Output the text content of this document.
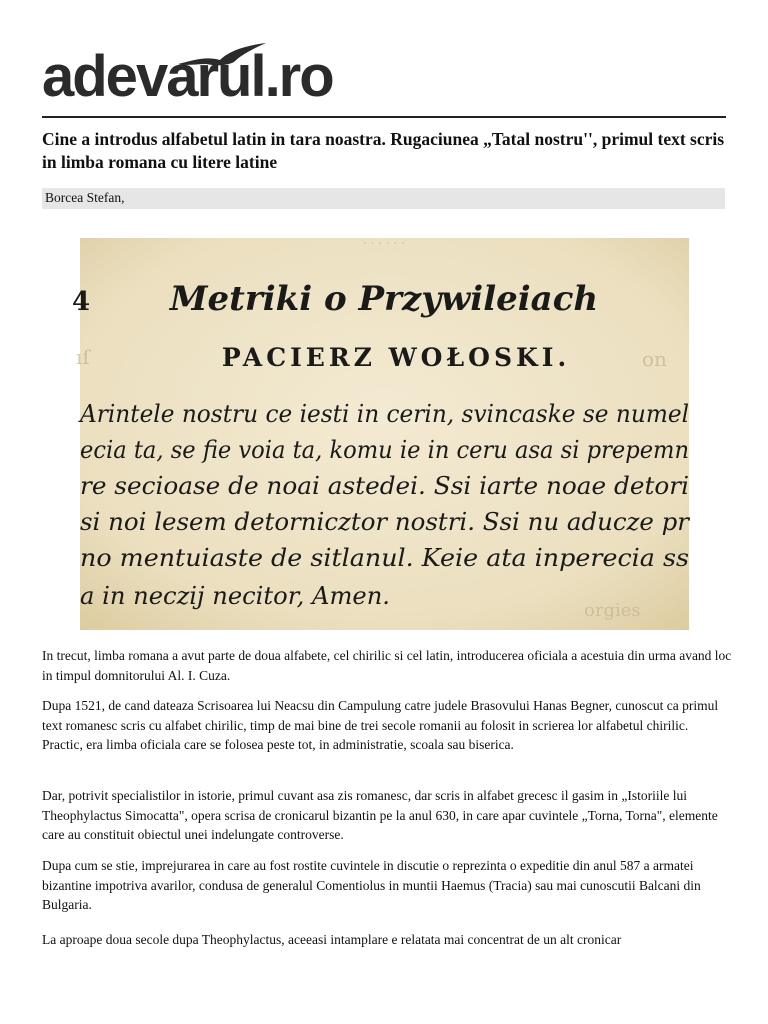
adevarul.ro
Cine a introdus alfabetul latin in tara noastra. Rugaciunea „Tatal nostru'', primul text scris in limba romana cu litere latine
Borcea Stefan,
. . . . . .
ıſ	on
orgies
4 Metriki o Przywileiach
PACIERZ WOŁOSKI.
Arintele nostru ce iesti in cerin, svincaske se numel
ecia ta, se fie voia ta, komu ie in ceru asa si prepemn
re secioase de noai astedei. Ssi iarte noae detori
si noi lesem detornicztor nostri. Ssi nu aducze pr
no mentuiaste de sitlanul. Keie ata inperecia ss
a in neczij necitor, Amen.

In trecut, limba romana a avut parte de doua alfabete, cel chirilic si cel latin, introducerea oficiala a acestuia din urma avand loc in timpul domnitorului Al. I. Cuza.

Dupa 1521, de cand dateaza Scrisoarea lui Neacsu din Campulung catre judele Brasovului Hanas Begner, cunoscut ca primul text romanesc scris cu alfabet chirilic, timp de mai bine de trei secole romanii au folosit in scrierea lor alfabetul chirilic. Practic, era limba oficiala care se folosea peste tot, in administratie, scoala sau biserica.

Dar, potrivit specialistilor in istorie, primul cuvant asa zis romanesc, dar scris in alfabet grecesc il gasim in „Istoriile lui Theophylactus Simocatta", opera scrisa de cronicarul bizantin pe la anul 630, in care apar cuvintele „Torna, Torna", elemente care au constituit obiectul unei indelungate controverse.

Dupa cum se stie, imprejurarea in care au fost rostite cuvintele in discutie o reprezinta o expeditie din anul 587 a armatei bizantine impotriva avarilor, condusa de generalul Comentiolus in muntii Haemus (Tracia) sau mai cunoscutii Balcani din Bulgaria.

La aproape doua secole dupa Theophylactus, aceeasi intamplare e relatata mai concentrat de un alt cronicar
